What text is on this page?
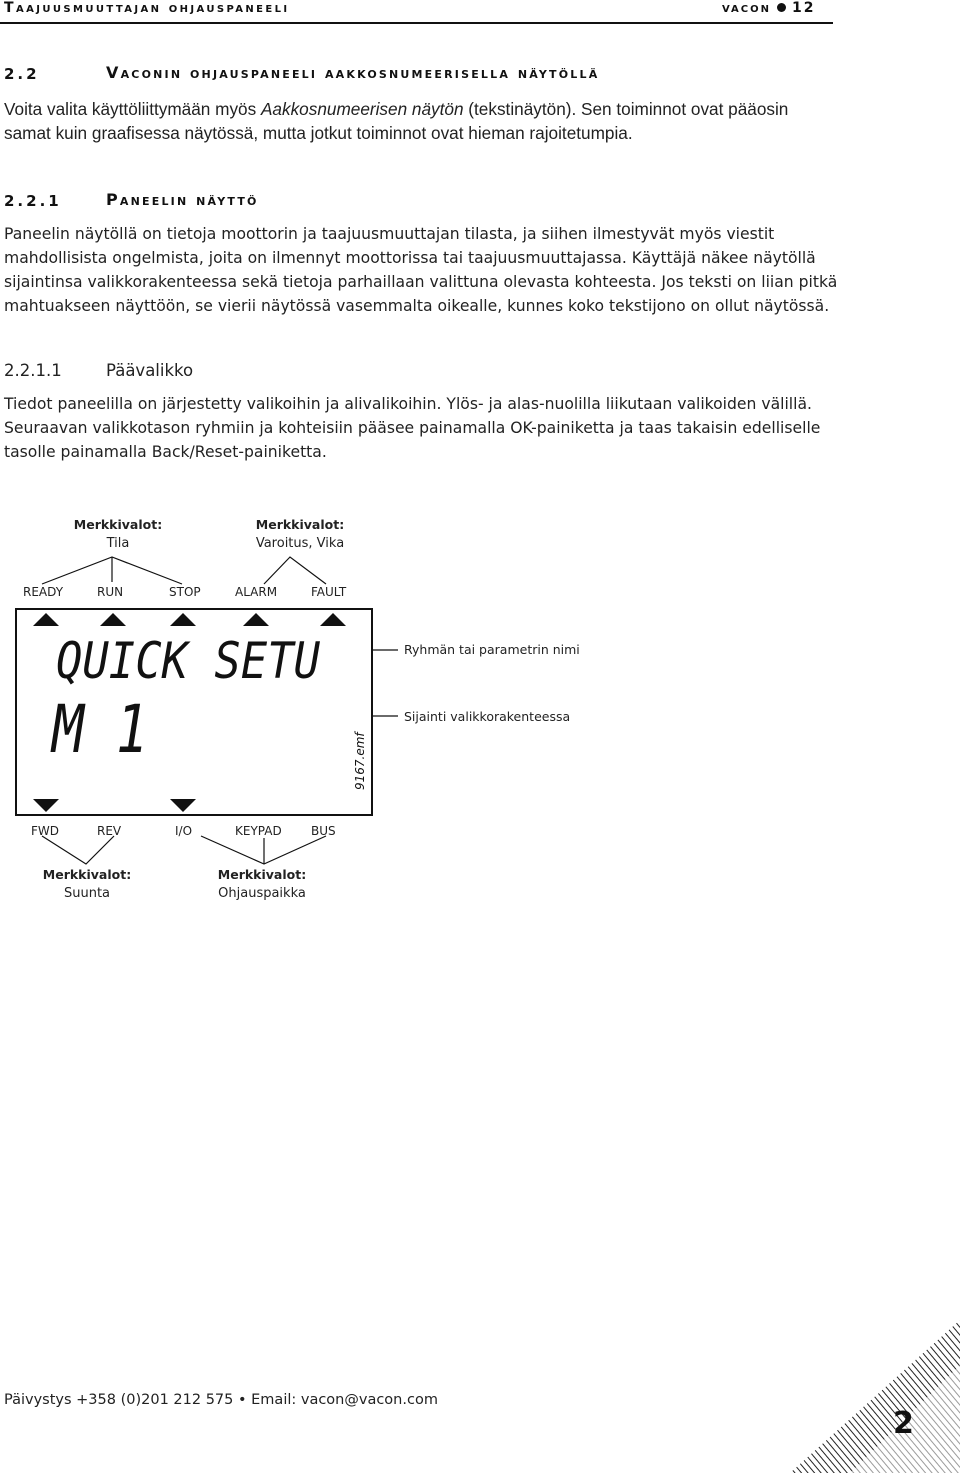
Taajuusmuuttajan ohjauspaneeli	vacon 12
2.2	Vaconin ohjauspaneeli aakkosnumeerisella näytöllä
Voita valita käyttöliittymään myös Aakkosnumeerisen näytön (tekstinäytön). Sen toiminnot ovat pääosin samat kuin graafisessa näytössä, mutta jotkut toiminnot ovat hieman rajoitetumpia.
2.2.1	Paneelin näyttö
Paneelin näytöllä on tietoja moottorin ja taajuusmuuttajan tilasta, ja siihen ilmestyvät myös viestit mahdollisista ongelmista, joita on ilmennyt moottorissa tai taajuusmuuttajassa. Käyttäjä näkee näytöllä sijaintinsa valikkorakenteessa sekä tietoja parhaillaan valittuna olevasta kohteesta. Jos teksti on liian pitkä mahtuakseen näyttöön, se vierii näytössä vasemmalta oikealle, kunnes koko tekstijono on ollut näytössä.
2.2.1.1	Päävalikko
Tiedot paneelilla on järjestetty valikoihin ja alivalikoihin. Ylös- ja alas-nuolilla liikutaan valikoiden välillä. Seuraavan valikkotason ryhmiin ja kohteisiin pääsee painamalla OK-painiketta ja taas takaisin edelliselle tasolle painamalla Back/Reset-painiketta.
Merkkivalot:
Tila
Merkkivalot:
Varoitus, Vika
READY	RUN	STOP	ALARM	FAULT
Ryhmän tai parametrin nimi
Sijainti valikkorakenteessa
FWD	REV	I/O	KEYPAD BUS
Merkkivalot:
Suunta
Merkkivalot:
Ohjauspaikka
QUICK SETU
M 1	9167.emf
Päivystys +358 (0)201 212 575 • Email: vacon@vacon.com
2
